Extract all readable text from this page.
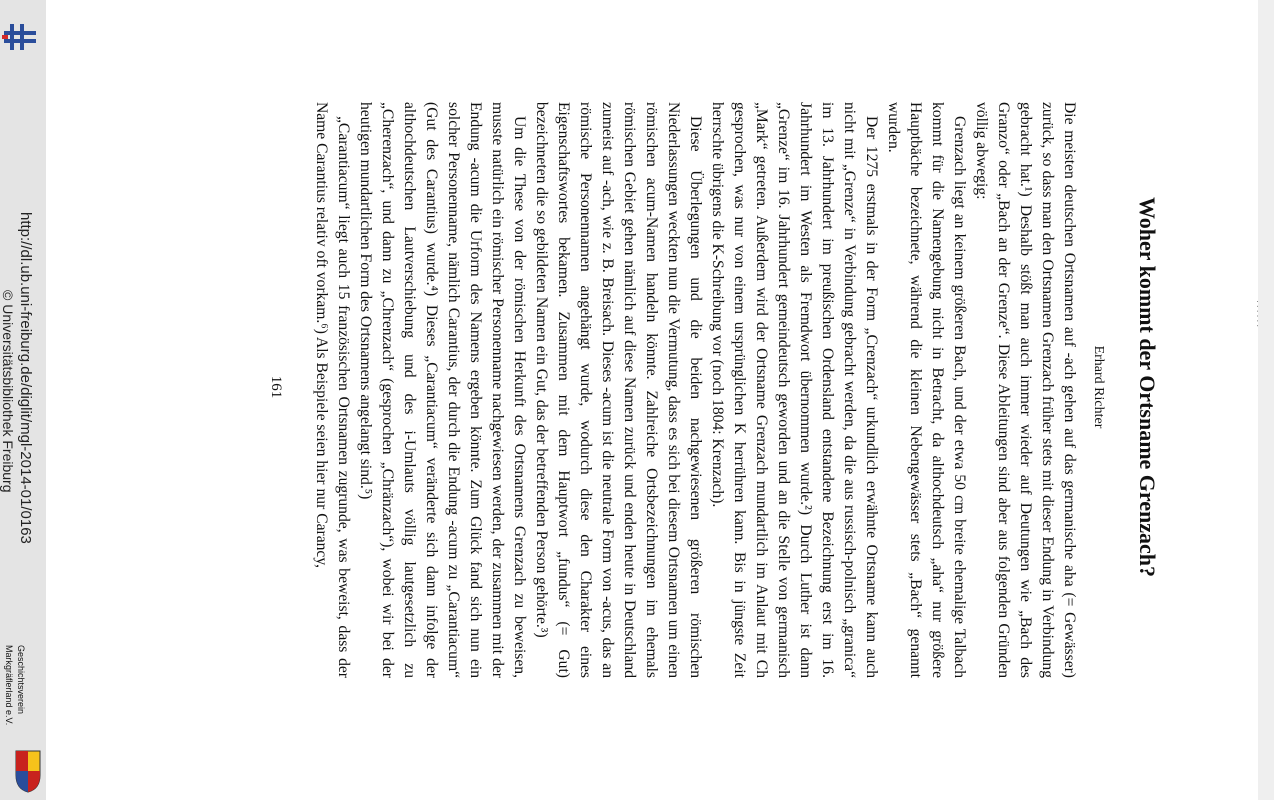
http://dl.ub.uni-freiburg.de/diglit/mgl-2014-01/0163
© Universitätsbibliothek Freiburg
Geschichtsverein
Markgräflerland e.V.
· · · · · ·
Woher kommt der Ortsname Grenzach?
Erhard Richter

Die meisten deutschen Ortsnamen auf -ach gehen auf das germanische aha (= Gewässer) zurück, so dass man den Ortsnamen Grenzach früher stets mit dieser Endung in Verbindung gebracht hat.¹) Deshalb stößt man auch immer wieder auf Deutungen wie „Bach des Granzo“ oder „Bach an der Grenze“. Diese Ableitungen sind aber aus folgenden Gründen völlig abwegig:

Grenzach liegt an keinem größeren Bach, und der etwa 50 cm breite ehemalige Talbach kommt für die Namengebung nicht in Betracht, da althochdeutsch „aha“ nur größere Hauptbäche bezeichnete, während die kleinen Nebengewässer stets „Bach“ genannt wurden.

Der 1275 erstmals in der Form „Crenzach“ urkundlich erwähnte Ortsname kann auch nicht mit „Grenze“ in Verbindung gebracht werden, da die aus russisch-polnisch „granica“ im 13. Jahrhundert im preußischen Ordensland entstandene Bezeichnung erst im 16. Jahrhundert im Westen als Fremdwort übernommen wurde.²) Durch Luther ist dann „Grenze“ im 16. Jahrhundert gemeindeutsch geworden und an die Stelle von germanisch „Mark“ getreten. Außerdem wird der Ortsname Grenzach mundartlich im Anlaut mit Ch gesprochen, was nur von einem ursprünglichen K herrühren kann. Bis in jüngste Zeit herrschte übrigens die K-Schreibung vor (noch 1804: Krenzach).

Diese Überlegungen und die beiden nachgewiesenen größeren römischen Niederlassungen weckten nun die Vermutung, dass es sich bei diesem Ortsnamen um einen römischen acum-Namen handeln könnte. Zahlreiche Ortsbezeichnungen im ehemals römischen Gebiet gehen nämlich auf diese Namen zurück und enden heute in Deutschland zumeist auf -ach, wie z. B. Breisach. Dieses -acum ist die neutrale Form von -acus, das an römische Personennamen angehängt wurde, wodurch diese den Charakter eines Eigenschaftswortes bekamen. Zusammen mit dem Hauptwort „fundus“ (= Gut) bezeichneten die so gebildeten Namen ein Gut, das der betreffenden Person gehörte.³)

Um die These von der römischen Herkunft des Ortsnamens Grenzach zu beweisen, musste natürlich ein römischer Personenname nachgewiesen werden, der zusammen mit der Endung -acum die Urform des Namens ergeben könnte. Zum Glück fand sich nun ein solcher Personenname, nämlich Carantius, der durch die Endung -acum zu „Carantiacum“ (Gut des Carantius) wurde.⁴) Dieses „Carantiacum“ veränderte sich dann infolge der althochdeutschen Lautverschiebung und des i-Umlauts völlig lautgesetzlich zu „Cherenzach“, und dann zu „Chrenzach“ (gesprochen „Chränzach“), wobei wir bei der heutigen mundartlichen Form des Ortsnamens angelangt sind.⁵)

„Carantiacum“ liegt auch 15 französischen Ortsnamen zugrunde, was beweist, dass der Name Carantius relativ oft vorkam.⁶) Als Beispiele seien hier nur Carancy,

161
